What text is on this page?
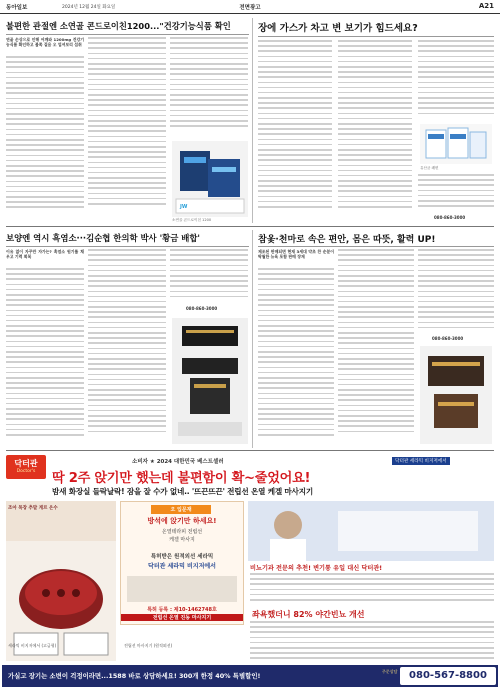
동아일보	2024년 12월 24일 화요일	전면광고	A21
불편한 관절엔 소연골 콘드로이친1200..."건강기능식품 확인
연골 손상으로 인해 어깨와 1200mg 건강기능식품 확인하고 불쪽 걸음 오 업셔보리 섭취
JW
소연골 콘드로이친 1200
장에 가스가 차고 변 보기가 힘드세요?
유산균 쾌변
080-860-3000
보양엔 역시 흑염소···김순협 한의학 박사 '황금 배합'
이유 없이 자꾸만 자가는? 흑염소 원기를 채우고 기력 회복
080-860-3000
참옻·천마로 속은 편안, 몸은 따뜻, 활력 UP!
제조된 판매되면 현재 3세대 약초 찬 순분이 탁월한 뉴욕 포함 판매 장재
080-860-3000
닥터관
Doctor's
소비자 ★ 2024 대한민국 베스트셀러	닥터관 세라믹 비지저에서
딱 2주 앉기만 했는데 불편함이 확~줄었어요!
밤새 화장실 들락날락! 잠을 잘 수가 없네.. '뜨끈뜨끈' 전립선 온열 케겔 마사지기
조아 목장 추말 게르 온수	오 입문재
방석에 앉기만 하세요!
온열테라피 전립선
케겔 마사지
특허받은 원적외선 세라믹
닥터관 세라믹 비지저에서
특허 등록 : 제10-1462748호
전립선 온열 진동 마사지기
세라믹 비지저에서 (고급형)	전립선 마사지기 (원적외선)
비뇨기과 전문의 추천! 변기통 유일 대신 닥터관!
좌욕했더니 82% 야간빈뇨 개선
가실고 장기는 소변이 걱정이라면...1588 바로 상담하세요! 300개 한정 40% 특별할인!
주문상담	080-567-8800
